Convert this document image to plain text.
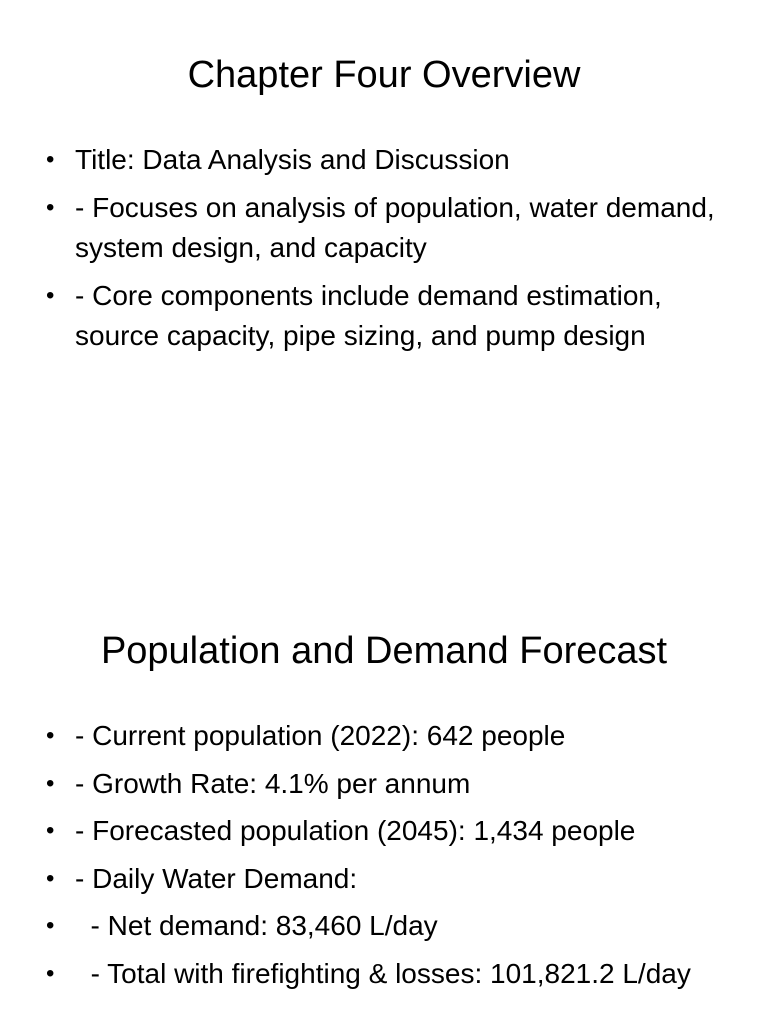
Chapter Four Overview
• Title: Data Analysis and Discussion
• - Focuses on analysis of population, water demand, system design, and capacity
• - Core components include demand estimation, source capacity, pipe sizing, and pump design
Population and Demand Forecast
• - Current population (2022): 642 people
• - Growth Rate: 4.1% per annum
• - Forecasted population (2045): 1,434 people
• - Daily Water Demand:
• - Net demand: 83,460 L/day
• - Total with firefighting & losses: 101,821.2 L/day
